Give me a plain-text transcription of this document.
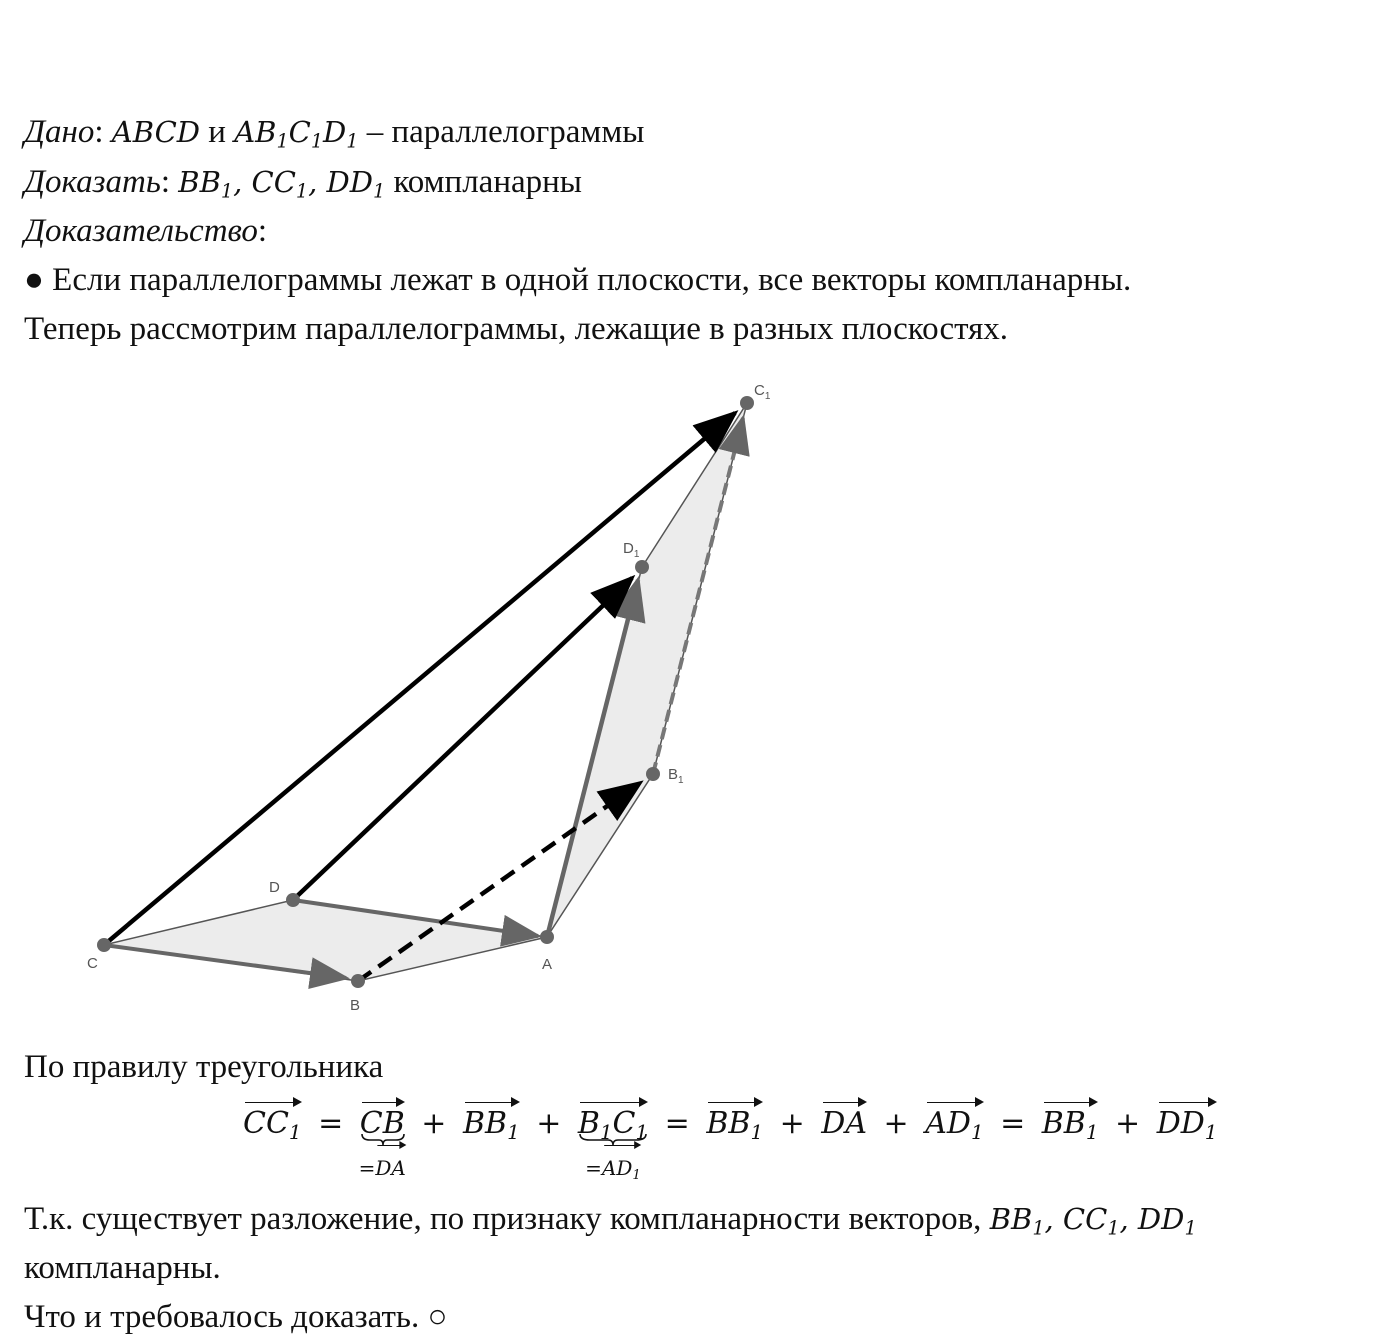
Дано: ABCD и $AB_1C_1D_1$ – параллелограммы
Доказать: $BB_1$, $CC_1$, $DD_1$ компланарны
Доказательство:
● Если параллелограммы лежат в одной плоскости, все векторы компланарны.
Теперь рассмотрим параллелограммы, лежащие в разных плоскостях.
$C_1$
$D_1$
$B_1$
D
C
B
A
По правилу треугольника
$CC_1$ = CB
=DA
+ $BB_1 + B_1C_1$
$=AD_1$
= $BB_1$ + DA + $AD_1 = BB_1 + DD_1$
Т.к. существует разложение, по признаку компланарности векторов, $BB_1$, $CC_1$, $DD_1$
компланарны.
Что и требовалось доказать. ○
